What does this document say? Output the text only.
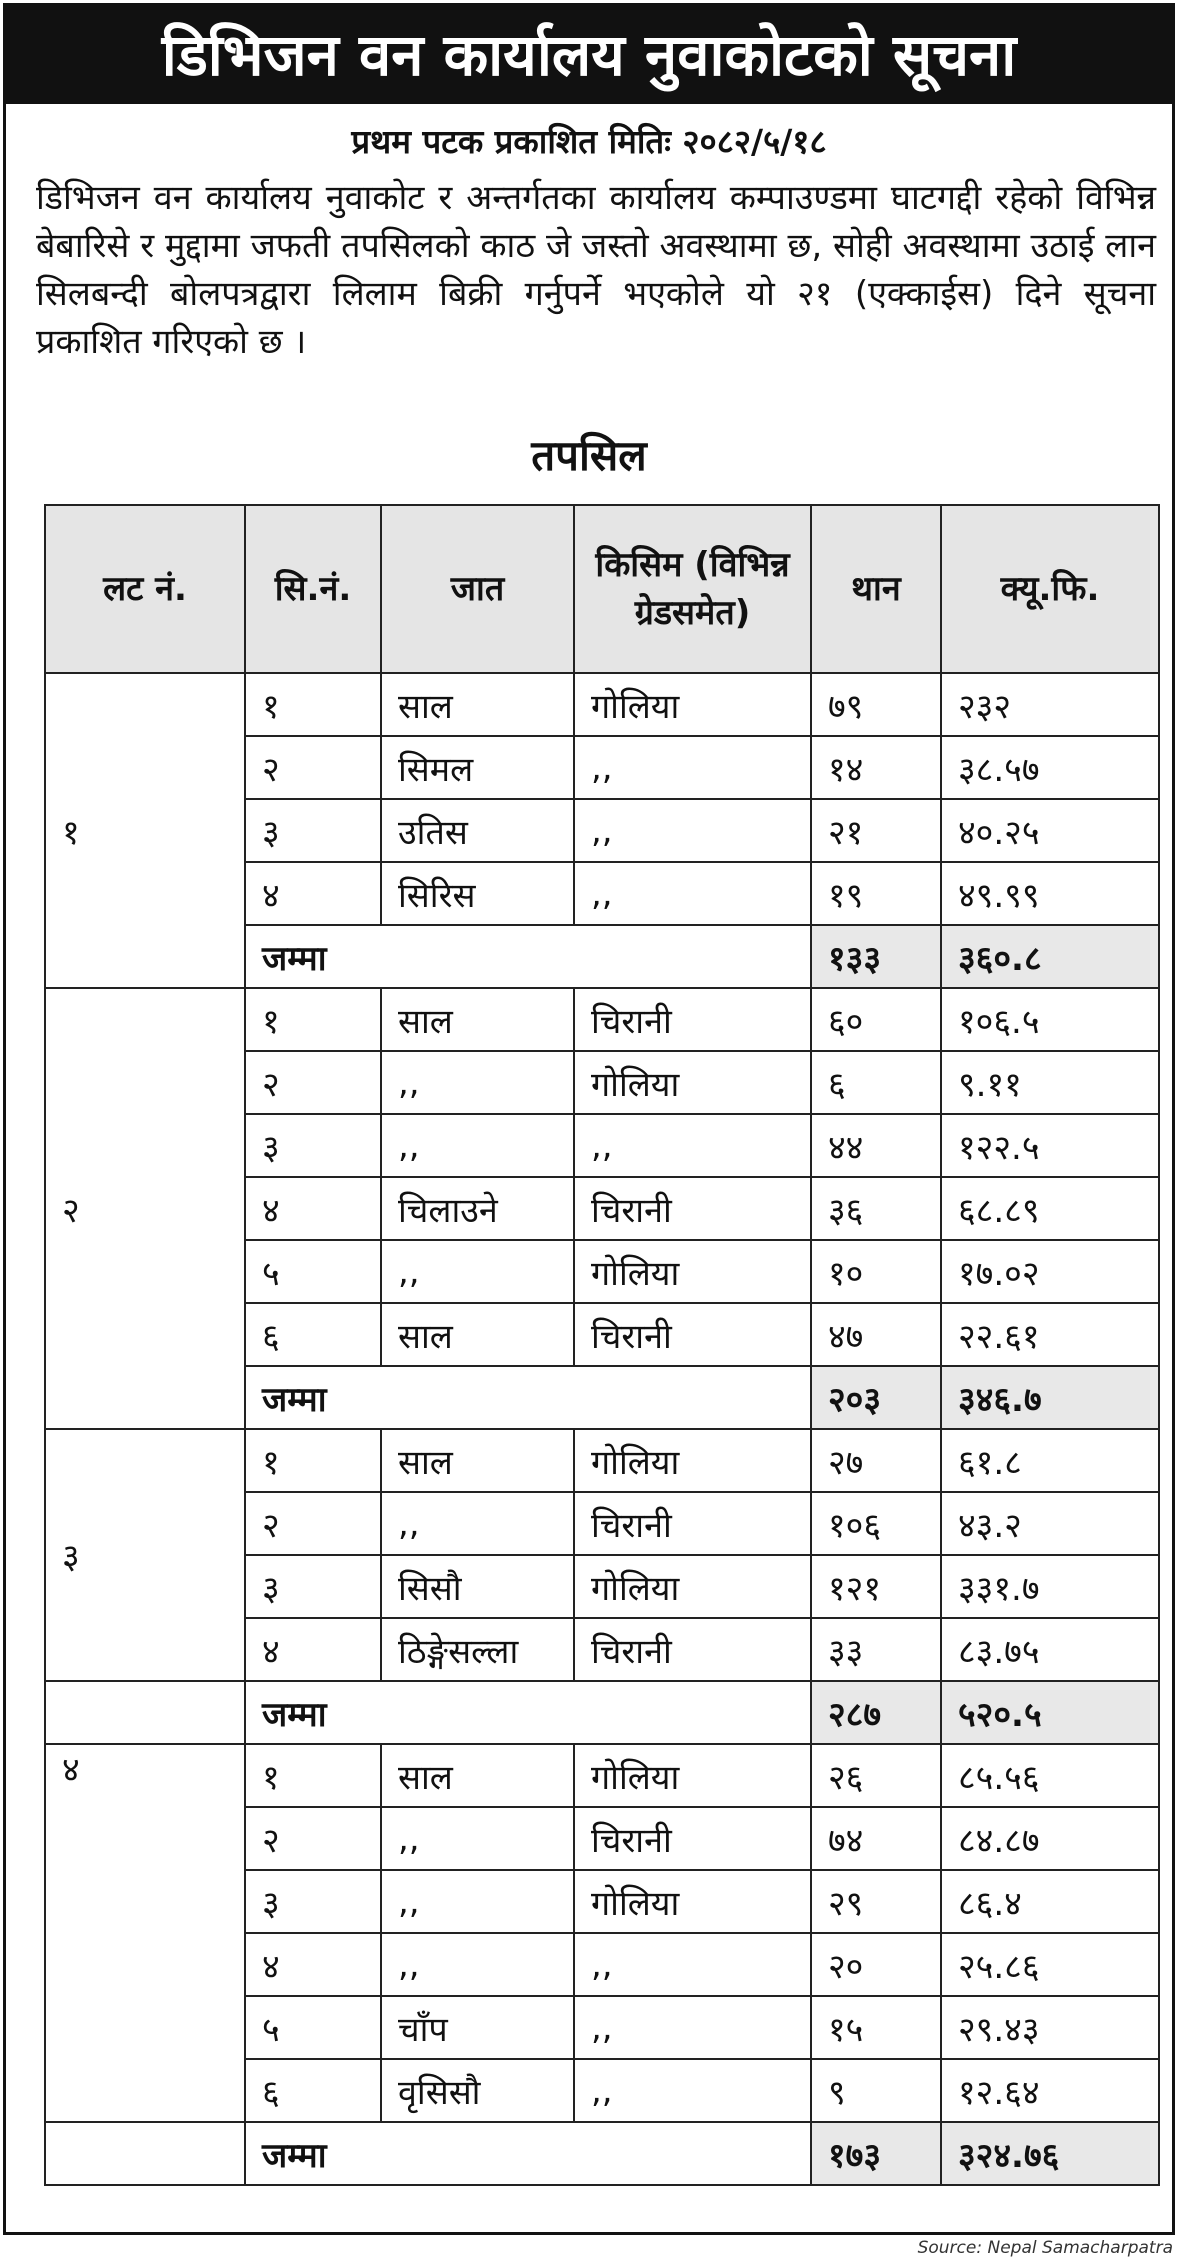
डिभिजन वन कार्यालय नुवाकोटको सूचना
प्रथम पटक प्रकाशित मितिः २०८२/५/१८
डिभिजन वन कार्यालय नुवाकोट र अन्तर्गतका कार्यालय कम्पाउण्डमा घाटगद्दी रहेको विभिन्न बेबारिसे र मुद्दामा जफती तपसिलको काठ जे जस्तो अवस्थामा छ, सोही अवस्थामा उठाई लान सिलबन्दी बोलपत्रद्वारा लिलाम बिक्री गर्नुपर्ने भएकोले यो २१ (एक्काईस) दिने सूचना प्रकाशित गरिएको छ ।
तपसिल
लट नं.	सि.नं.	जात	किसिम (विभिन्न ग्रेडसमेत)	थान	क्यू.फि.
१	१	साल	गोलिया	७९	२३२
	२	सिमल	,,	१४	३८.५७
	३	उतिस	,,	२१	४०.२५
	४	सिरिस	,,	१९	४९.९९
	जम्मा			१३३	३६०.८
२	१	साल	चिरानी	६०	१०६.५
	२	,,	गोलिया	६	९.११
	३	,,	,,	४४	१२२.५
	४	चिलाउने	चिरानी	३६	६८.८९
	५	,,	गोलिया	१०	१७.०२
	६	साल	चिरानी	४७	२२.६१
	जम्मा			२०३	३४६.७
३	१	साल	गोलिया	२७	६१.८
	२	,,	चिरानी	१०६	४३.२
	३	सिसौ	गोलिया	१२१	३३१.७
	४	ठिङ्गेसल्ला	चिरानी	३३	८३.७५
	जम्मा			२८७	५२०.५
४	१	साल	गोलिया	२६	८५.५६
	२	,,	चिरानी	७४	८४.८७
	३	,,	गोलिया	२९	८६.४
	४	,,	,,	२०	२५.८६
	५	चाँप	,,	१५	२९.४३
	६	वृसिसौ	,,	९	१२.६४
	जम्मा			१७३	३२४.७६
Source: Nepal Samacharpatra
